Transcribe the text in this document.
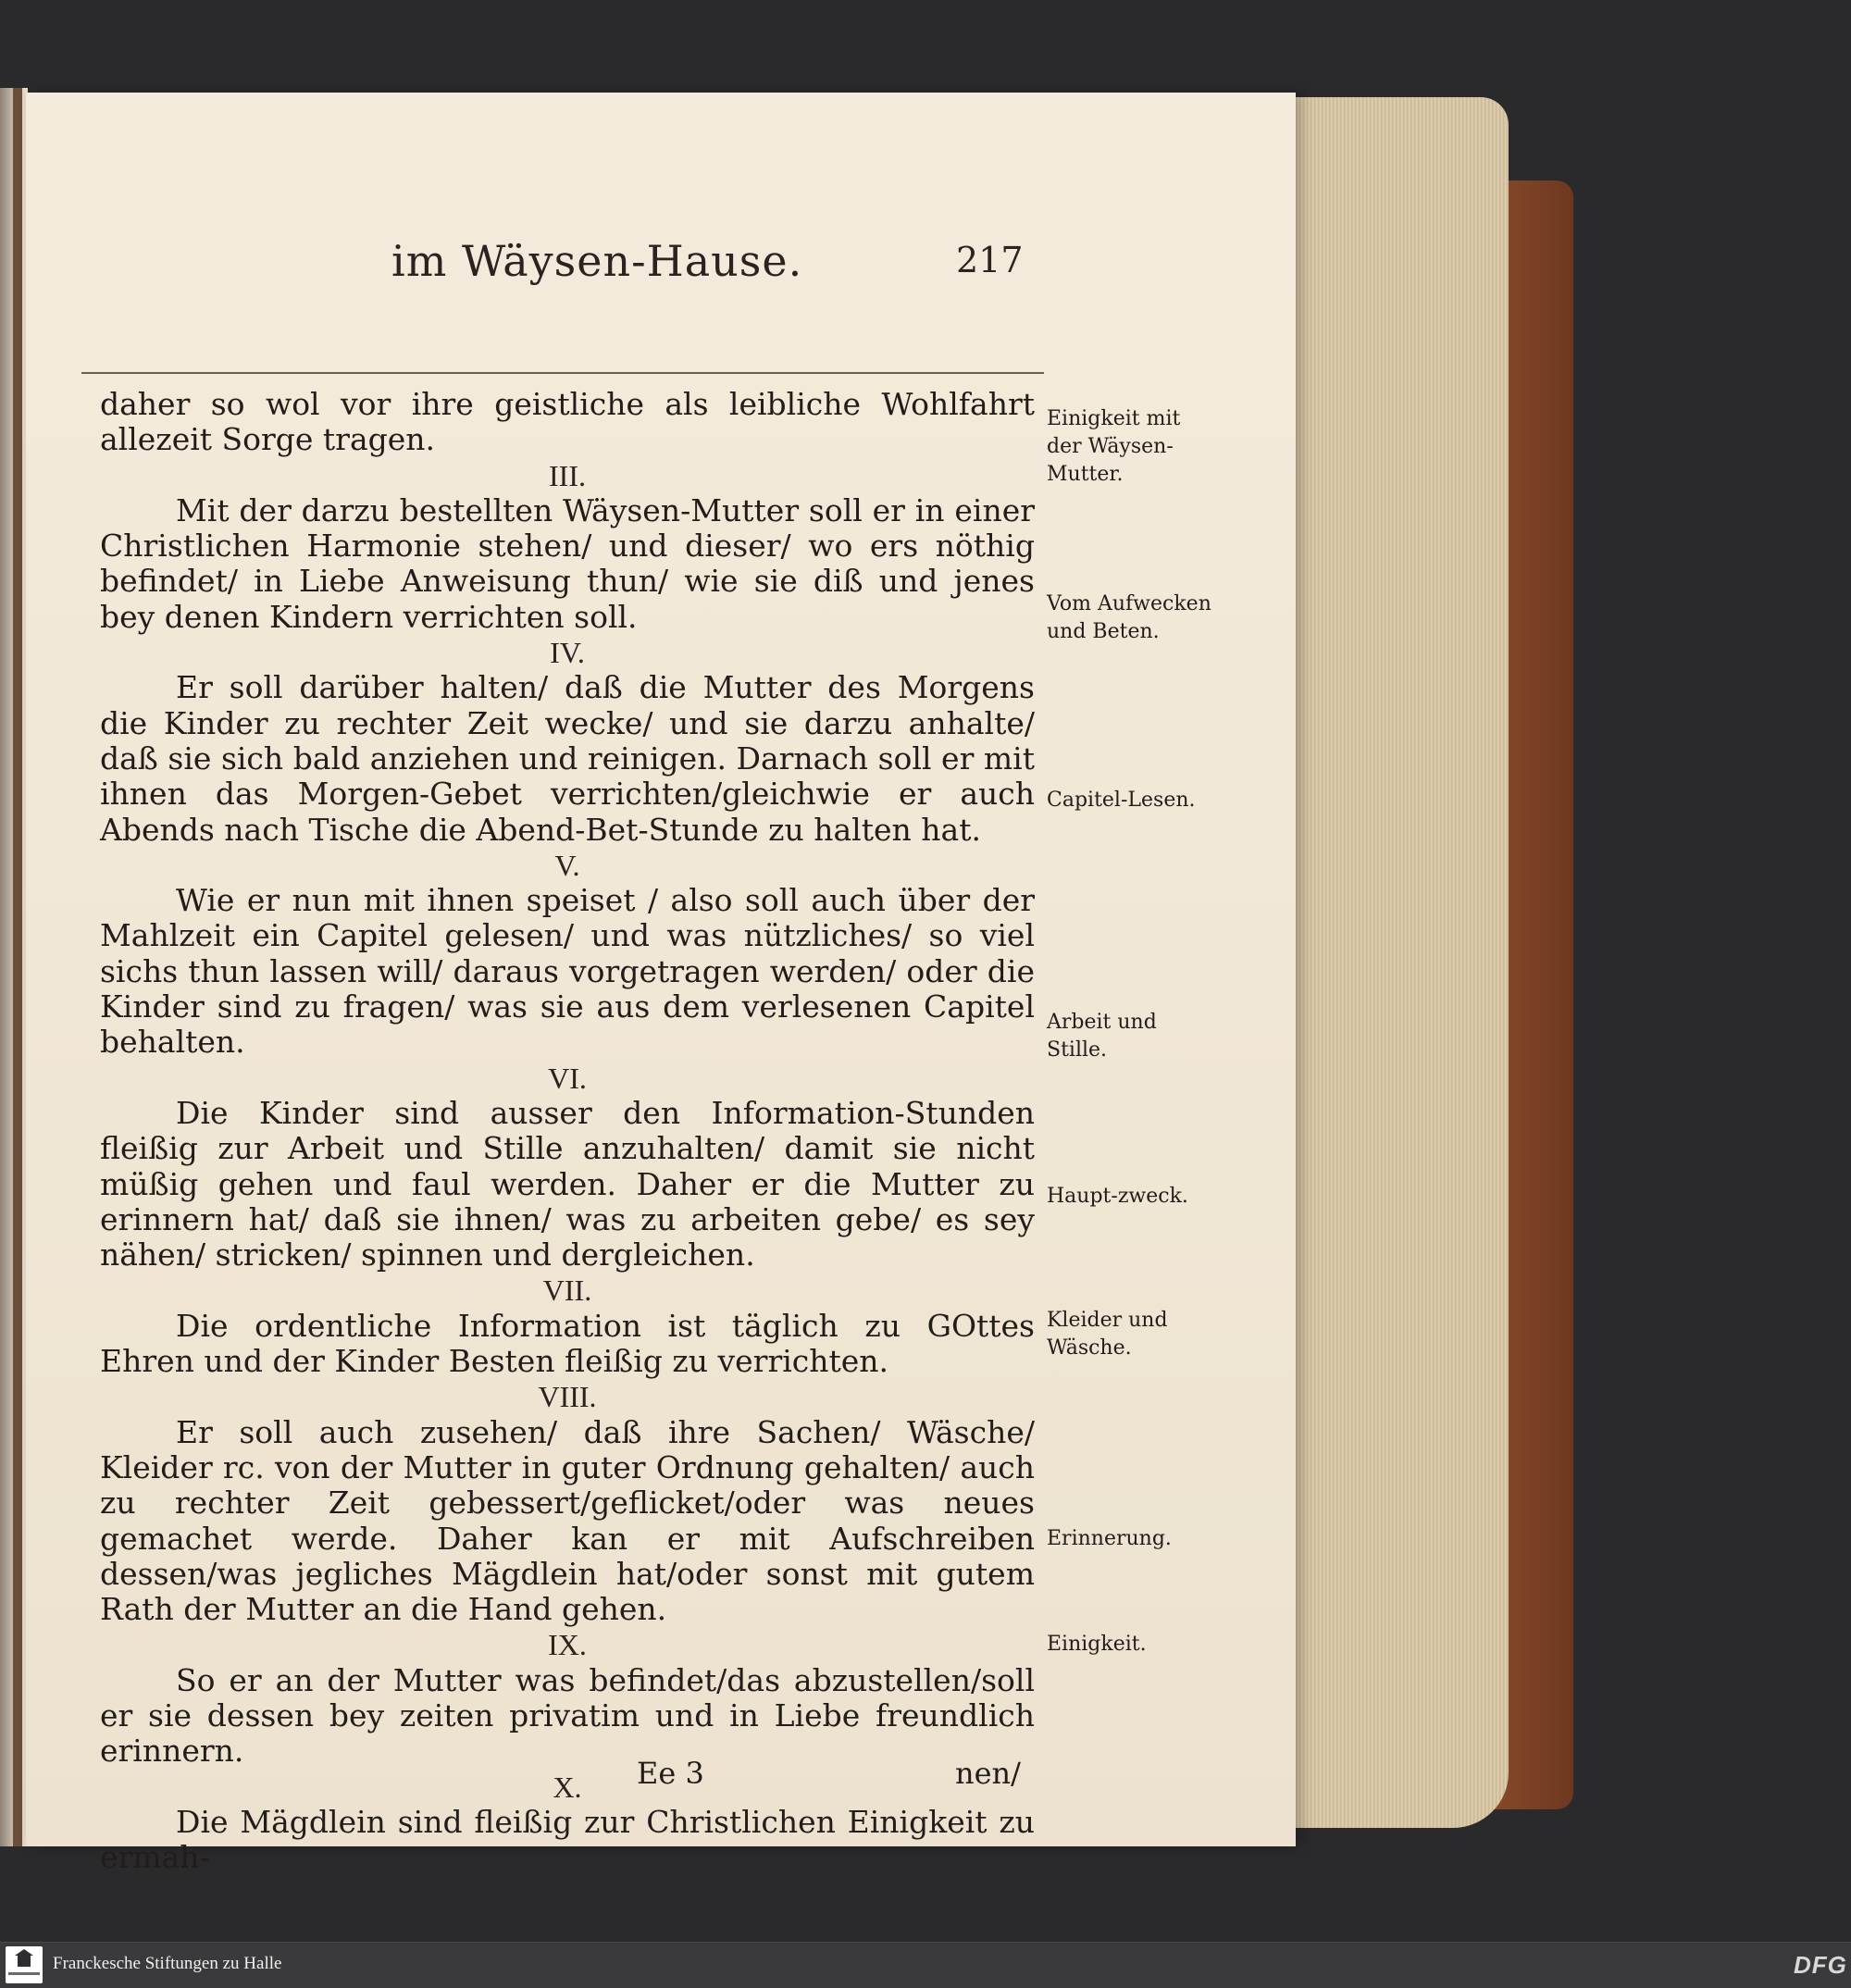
im Wäysen-Hause.	217

daher so wol vor ihre geistliche als leibliche Wohlfahrt allezeit Sorge tragen.

III.

Mit der darzu bestellten Wäysen-Mutter soll er in einer Christlichen Harmonie stehen/ und dieser/ wo ers nöthig befindet/ in Liebe Anweisung thun/ wie sie diß und jenes bey denen Kindern verrichten soll.

IV.

Er soll darüber halten/ daß die Mutter des Morgens die Kinder zu rechter Zeit wecke/ und sie darzu anhalte/ daß sie sich bald anziehen und reinigen. Darnach soll er mit ihnen das Morgen-Gebet verrichten/gleichwie er auch Abends nach Tische die Abend-Bet-Stunde zu halten hat.

V.

Wie er nun mit ihnen speiset / also soll auch über der Mahlzeit ein Capitel gelesen/ und was nützliches/ so viel sichs thun lassen will/ daraus vorgetragen werden/ oder die Kinder sind zu fragen/ was sie aus dem verlesenen Capitel behalten.

VI.

Die Kinder sind ausser den Information-Stunden fleißig zur Arbeit und Stille anzuhalten/ damit sie nicht müßig gehen und faul werden. Daher er die Mutter zu erinnern hat/ daß sie ihnen/ was zu arbeiten gebe/ es sey nähen/ stricken/ spinnen und dergleichen.

VII.

Die ordentliche Information ist täglich zu GOttes Ehren und der Kinder Besten fleißig zu verrichten.

VIII.

Er soll auch zusehen/ daß ihre Sachen/ Wäsche/ Kleider rc. von der Mutter in guter Ordnung gehalten/ auch zu rechter Zeit gebessert/geflicket/oder was neues gemachet werde. Daher kan er mit Aufschreiben dessen/was jegliches Mägdlein hat/oder sonst mit gutem Rath der Mutter an die Hand gehen.

IX.

So er an der Mutter was befindet/das abzustellen/soll er sie dessen bey zeiten privatim und in Liebe freundlich erinnern.

X.

Die Mägdlein sind fleißig zur Christlichen Einigkeit zu ermah-

Einigkeit mit der Wäysen-Mutter.
Vom Aufwecken und Beten.
Capitel-Lesen.
Arbeit und Stille.
Haupt-zweck.
Kleider und Wäsche.
Erinnerung.
Einigkeit.
Ee 3	nen/
Franckesche Stiftungen zu Halle	DFG
